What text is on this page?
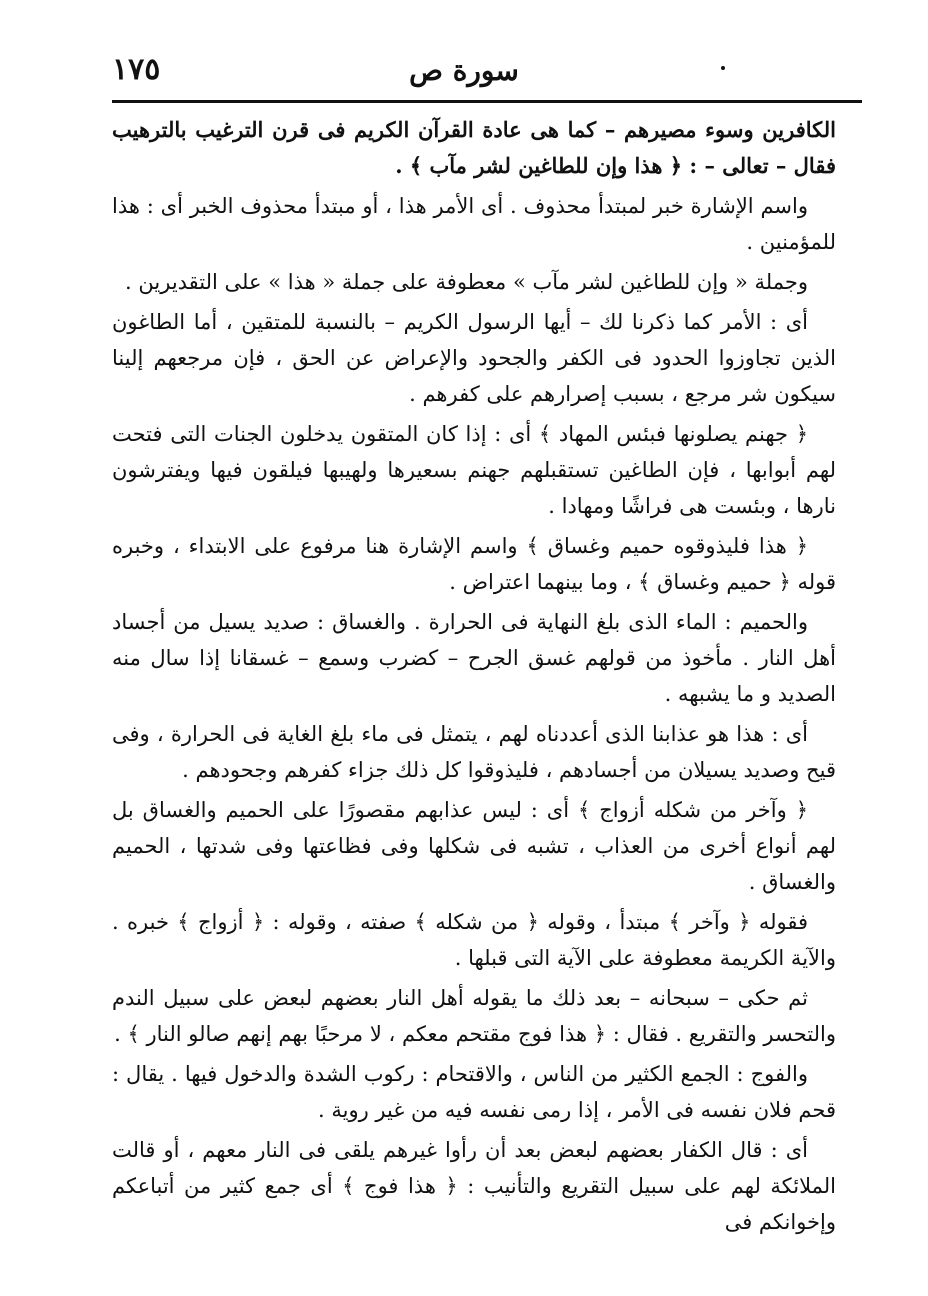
١٧٥	سورة ص

الكافرين وسوء مصيرهم – كما هى عادة القرآن الكريم فى قرن الترغيب بالترهيب فقال – تعالى – : ﴿ هذا وإن للطاغين لشر مآب ﴾ .

واسم الإشارة خبر لمبتدأ محذوف . أى الأمر هذا ، أو مبتدأ محذوف الخبر أى : هذا للمؤمنين .

وجملة « وإن للطاغين لشر مآب » معطوفة على جملة « هذا » على التقديرين .

أى : الأمر كما ذكرنا لك – أيها الرسول الكريم – بالنسبة للمتقين ، أما الطاغون الذين تجاوزوا الحدود فى الكفر والجحود والإعراض عن الحق ، فإن مرجعهم إلينا سيكون شر مرجع ، بسبب إصرارهم على كفرهم .

﴿ جهنم يصلونها فبئس المهاد ﴾ أى : إذا كان المتقون يدخلون الجنات التى فتحت لهم أبوابها ، فإن الطاغين تستقبلهم جهنم بسعيرها ولهيبها فيلقون فيها ويفترشون نارها ، وبئست هى فراشًا ومهادا .

﴿ هذا فليذوقوه حميم وغساق ﴾ واسم الإشارة هنا مرفوع على الابتداء ، وخبره قوله ﴿ حميم وغساق ﴾ ، وما بينهما اعتراض .

والحميم : الماء الذى بلغ النهاية فى الحرارة . والغساق : صديد يسيل من أجساد أهل النار . مأخوذ من قولهم غسق الجرح – كضرب وسمع – غسقانا إذا سال منه الصديد و ما يشبهه .

أى : هذا هو عذابنا الذى أعددناه لهم ، يتمثل فى ماء بلغ الغاية فى الحرارة ، وفى قيح وصديد يسيلان من أجسادهم ، فليذوقوا كل ذلك جزاء كفرهم وجحودهم .

﴿ وآخر من شكله أزواج ﴾ أى : ليس عذابهم مقصورًا على الحميم والغساق بل لهم أنواع أخرى من العذاب ، تشبه فى شكلها وفى فظاعتها وفى شدتها ، الحميم والغساق .

فقوله ﴿ وآخر ﴾ مبتدأ ، وقوله ﴿ من شكله ﴾ صفته ، وقوله : ﴿ أزواج ﴾ خبره . والآية الكريمة معطوفة على الآية التى قبلها .

ثم حكى – سبحانه – بعد ذلك ما يقوله أهل النار بعضهم لبعض على سبيل الندم والتحسر والتقريع . فقال : ﴿ هذا فوج مقتحم معكم ، لا مرحبًا بهم إنهم صالو النار ﴾ .

والفوج : الجمع الكثير من الناس ، والاقتحام : ركوب الشدة والدخول فيها . يقال : قحم فلان نفسه فى الأمر ، إذا رمى نفسه فيه من غير روية .

أى : قال الكفار بعضهم لبعض بعد أن رأوا غيرهم يلقى فى النار معهم ، أو قالت الملائكة لهم على سبيل التقريع والتأنيب : ﴿ هذا فوج ﴾ أى جمع كثير من أتباعكم وإخوانكم فى
